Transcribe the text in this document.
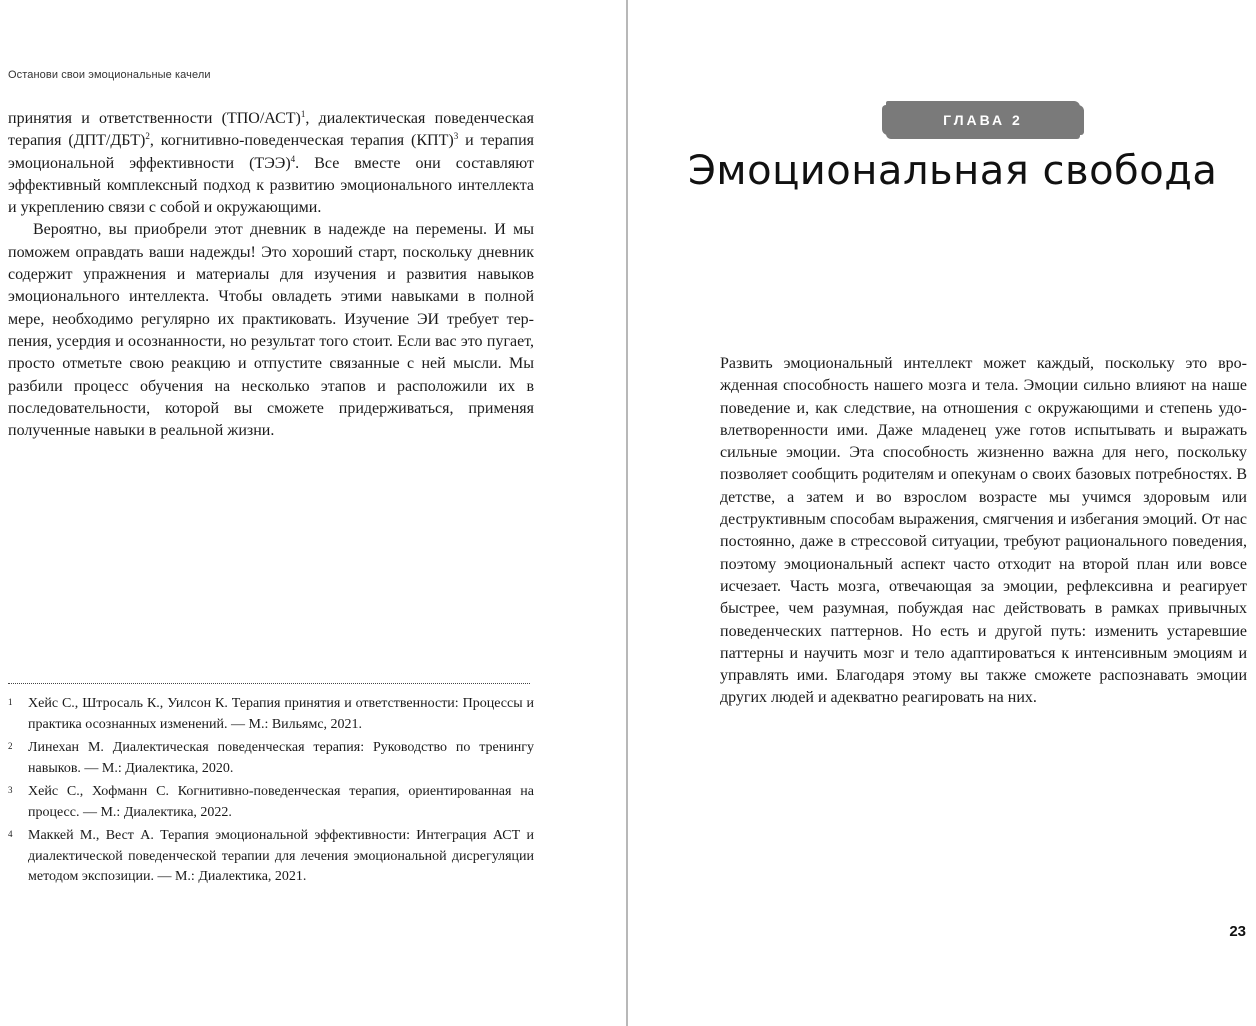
Останови свои эмоциональные качели

принятия и ответственности $(ТПО/АСТ)^1$, диалектическая поведенческая терапия $(ДПТ/ДБТ)^2$, когнитивно-поведенческая терапия (КПТ)$^3$ и терапия эмоциональной эффективности (ТЭЭ)$^4$. Все вместе они составляют эффективный комплексный подход к развитию эмоционального интеллекта и укреплению связи с собой и окружающими.

Вероятно, вы приобрели этот дневник в надежде на перемены. И мы поможем оправдать ваши надежды! Это хороший старт, поскольку дневник содержит упражнения и материалы для изучения и развития навыков эмоционального интеллекта. Чтобы овладеть этими навыками в полной мере, необходимо регулярно их практиковать. Изучение ЭИ требует терпения, усердия и осознанности, но результат того стоит. Если вас это пугает, просто отметьте свою реакцию и отпустите связанные с ней мысли. Мы разбили процесс обучения на несколько этапов и расположили их в последовательности, которой вы сможете придерживаться, применяя полученные навыки в реальной жизни.

1 Хейс С., Штросаль К., Уилсон К. Терапия принятия и ответственности: Процессы и практика осознанных изменений. — М.: Вильямс, 2021.
2 Линехан М. Диалектическая поведенческая терапия: Руководство по тренингу навыков. — М.: Диалектика, 2020.
3 Хейс С., Хофманн С. Когнитивно-поведенческая терапия, ориентированная на процесс. — М.: Диалектика, 2022.
4 Маккей М., Вест А. Терапия эмоциональной эффективности: Интеграция АСТ и диалектической поведенческой терапии для лечения эмоциональной дисрегуляции методом экспозиции. — М.: Диалектика, 2021.
ГЛАВА 2
Эмоциональная свобода

Развить эмоциональный интеллект может каждый, поскольку это врожденная способность нашего мозга и тела. Эмоции сильно влияют на наше поведение и, как следствие, на отношения с окружающими и степень удовлетворенности ими. Даже младенец уже готов испытывать и выражать сильные эмоции. Эта способность жизненно важна для него, поскольку позволяет сообщить родителям и опекунам о своих базовых потребностях. В детстве, а затем и во взрослом возрасте мы учимся здоровым или деструктивным способам выражения, смягчения и избегания эмоций. От нас постоянно, даже в стрессовой ситуации, требуют рационального поведения, поэтому эмоциональный аспект часто отходит на второй план или вовсе исчезает. Часть мозга, отвечающая за эмоции, рефлексивна и реагирует быстрее, чем разумная, побуждая нас действовать в рамках привычных поведенческих паттернов. Но есть и другой путь: изменить устаревшие паттерны и научить мозг и тело адаптироваться к интенсивным эмоциям и управлять ими. Благодаря этому вы также сможете распознавать эмоции других людей и адекватно реагировать на них.

23
